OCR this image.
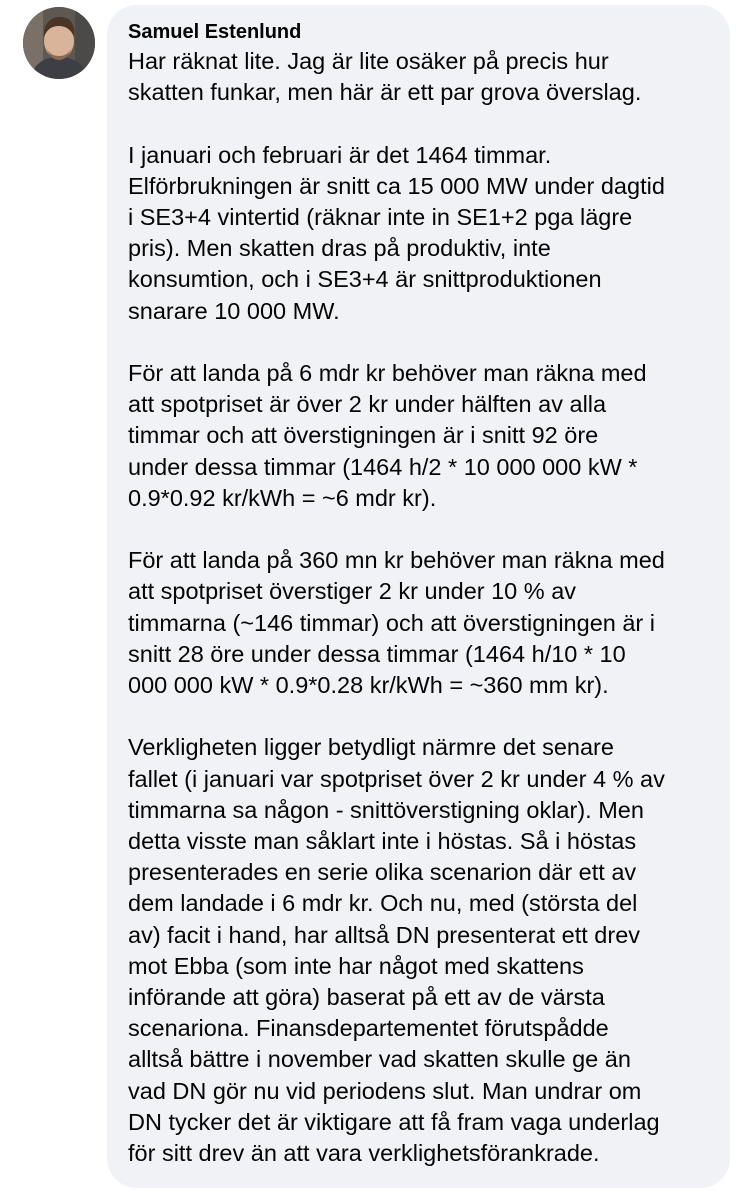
Samuel Estenlund

Har räknat lite. Jag är lite osäker på precis hur
skatten funkar, men här är ett par grova överslag.

I januari och februari är det 1464 timmar.
Elförbrukningen är snitt ca 15 000 MW under dagtid
i SE3+4 vintertid (räknar inte in SE1+2 pga lägre
pris). Men skatten dras på produktiv, inte
konsumtion, och i SE3+4 är snittproduktionen
snarare 10 000 MW.

För att landa på 6 mdr kr behöver man räkna med
att spotpriset är över 2 kr under hälften av alla
timmar och att överstigningen är i snitt 92 öre
under dessa timmar (1464 h/2 * 10 000 000 kW *
0.9*0.92 kr/kWh = ~6 mdr kr).

För att landa på 360 mn kr behöver man räkna med
att spotpriset överstiger 2 kr under 10 % av
timmarna (~146 timmar) och att överstigningen är i
snitt 28 öre under dessa timmar (1464 h/10 * 10
000 000 kW * 0.9*0.28 kr/kWh = ~360 mm kr).

Verkligheten ligger betydligt närmre det senare
fallet (i januari var spotpriset över 2 kr under 4 % av
timmarna sa någon - snittöverstigning oklar). Men
detta visste man såklart inte i höstas. Så i höstas
presenterades en serie olika scenarion där ett av
dem landade i 6 mdr kr. Och nu, med (största del
av) facit i hand, har alltså DN presenterat ett drev
mot Ebba (som inte har något med skattens
införande att göra) baserat på ett av de värsta
scenariona. Finansdepartementet förutspådde
alltså bättre i november vad skatten skulle ge än
vad DN gör nu vid periodens slut. Man undrar om
DN tycker det är viktigare att få fram vaga underlag
för sitt drev än att vara verklighetsförankrade.
